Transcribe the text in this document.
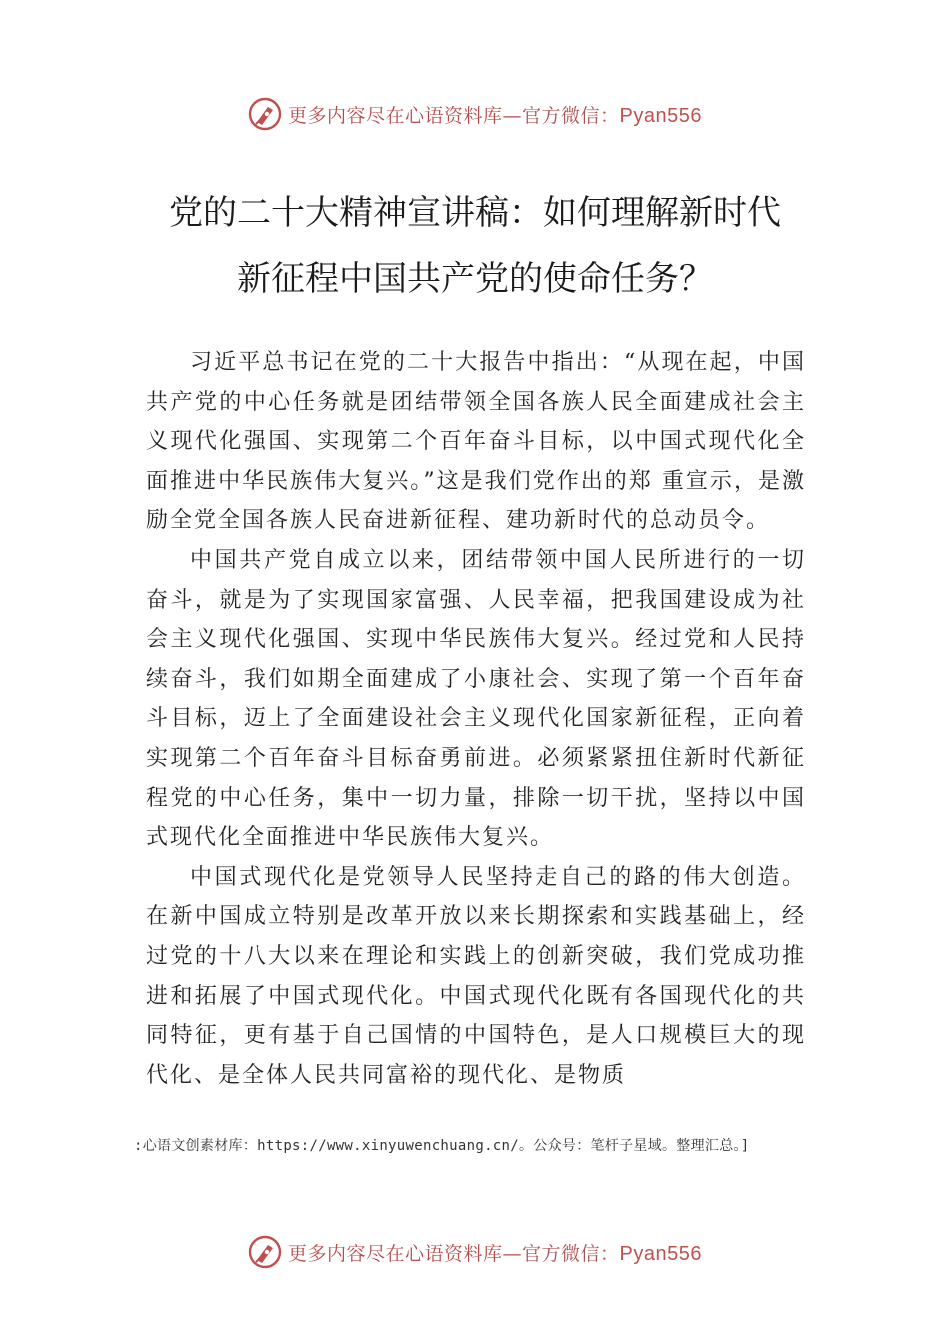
更多内容尽在心语资料库—官方微信：Pyan556
党的二十大精神宣讲稿：如何理解新时代
新征程中国共产党的使命任务？

习近平总书记在党的二十大报告中指出：“从现在起，中国共产党的中心任务就是团结带领全国各族人民全面建成社会主义现代化强国、实现第二个百年奋斗目标，以中国式现代化全面推进中华民族伟大复兴。”这是我们党作出的郑 重宣示，是激励全党全国各族人民奋进新征程、建功新时代的总动员令。

中国共产党自成立以来，团结带领中国人民所进行的一切奋斗，就是为了实现国家富强、人民幸福，把我国建设成为社会主义现代化强国、实现中华民族伟大复兴。经过党和人民持续奋斗，我们如期全面建成了小康社会、实现了第一个百年奋斗目标，迈上了全面建设社会主义现代化国家新征程，正向着实现第二个百年奋斗目标奋勇前进。必须紧紧扭住新时代新征程党的中心任务，集中一切力量，排除一切干扰，坚持以中国式现代化全面推进中华民族伟大复兴。

中国式现代化是党领导人民坚持走自己的路的伟大创造。在新中国成立特别是改革开放以来长期探索和实践基础上，经过党的十八大以来在理论和实践上的创新突破，我们党成功推进和拓展了中国式现代化。中国式现代化既有各国现代化的共同特征，更有基于自己国情的中国特色，是人口规模巨大的现代化、是全体人民共同富裕的现代化、是物质

:心语文创素材库：https://www.xinyuwenchuang.cn/。公众号：笔杆子星域。整理汇总。]
更多内容尽在心语资料库—官方微信：Pyan556
